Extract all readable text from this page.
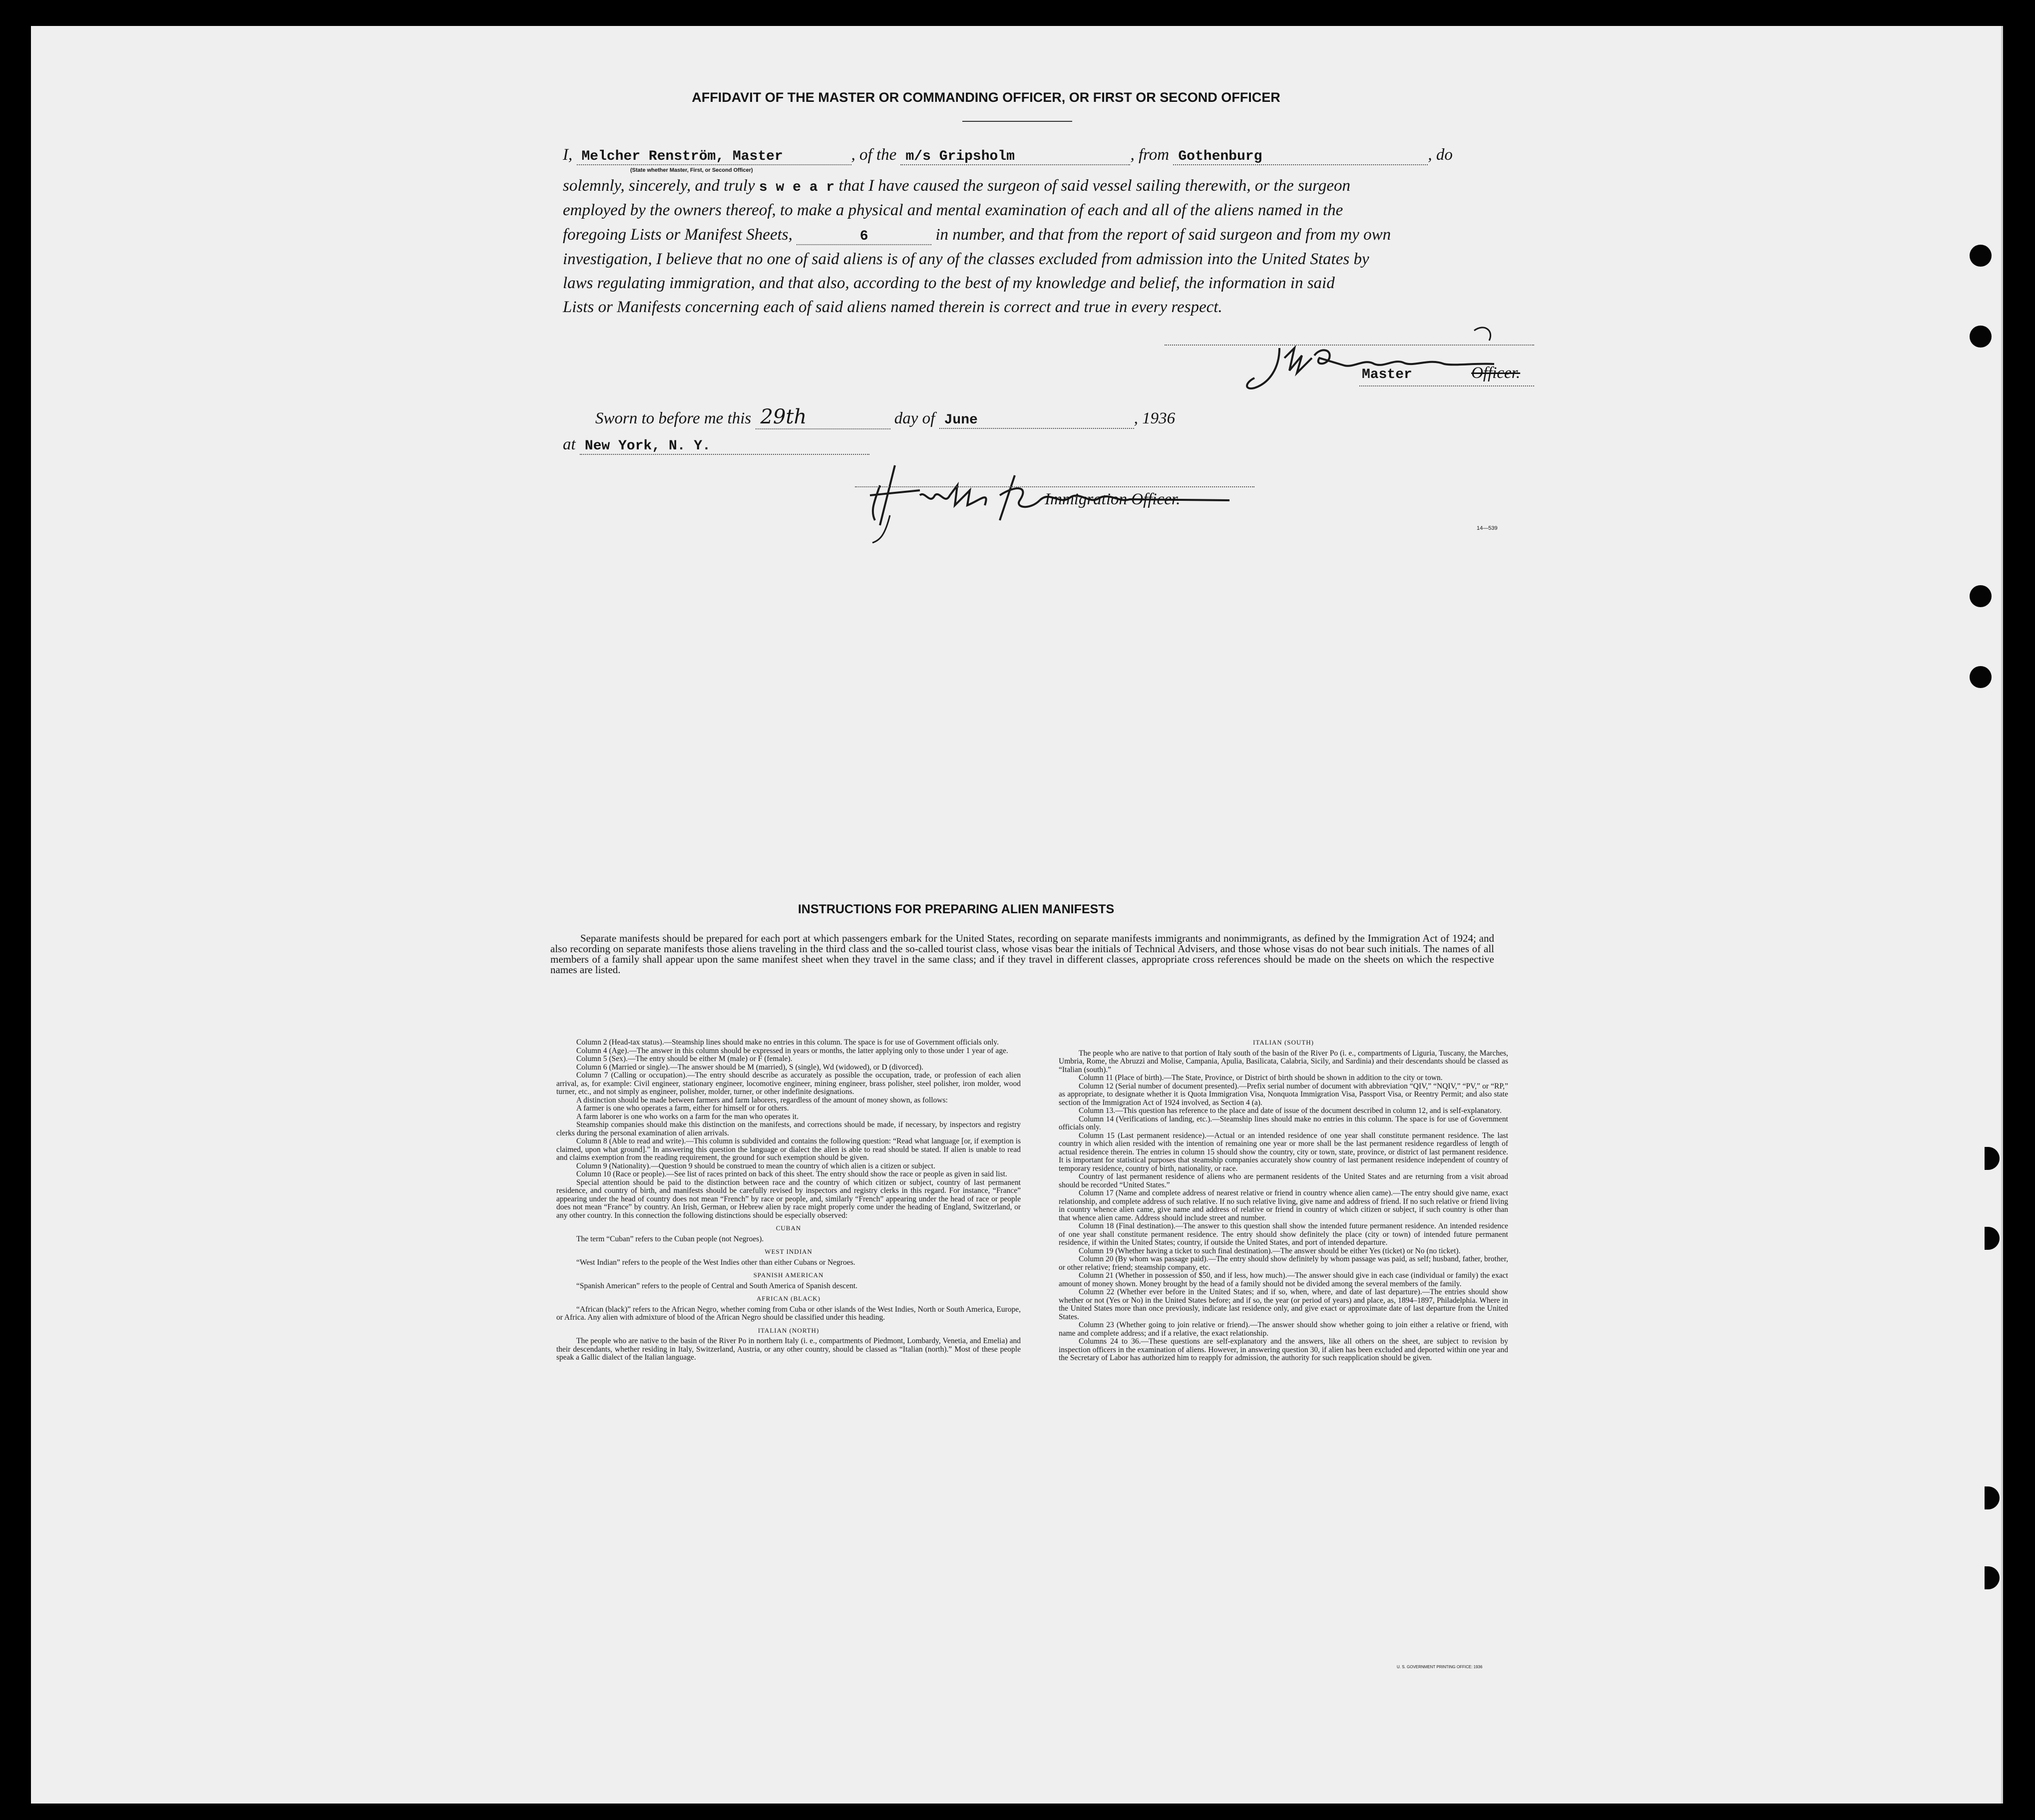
AFFIDAVIT OF THE MASTER OR COMMANDING OFFICER, OR FIRST OR SECOND OFFICER
I, Melcher Renström, Master	, of the m/s Gripsholm	, from Gothenburg	, do
(State whether Master, First, or Second Officer)
solemnly, sincerely, and truly s w e a r that I have caused the surgeon of said vessel sailing therewith, or the surgeon
employed by the owners thereof, to make a physical and mental examination of each and all of the aliens named in the
foregoing Lists or Manifest Sheets,	6	in number, and that from the report of said surgeon and from my own
investigation, I believe that no one of said aliens is of any of the classes excluded from admission into the United States by
laws regulating immigration, and that also, according to the best of my knowledge and belief, the information in said
Lists or Manifests concerning each of said aliens named therein is correct and true in every respect.
Master	Officer.
Sworn to before me this 29th	day of June	, 1936
at New York, N. Y.
Immigration Officer.
14—539
INSTRUCTIONS FOR PREPARING ALIEN MANIFESTS

Separate manifests should be prepared for each port at which passengers embark for the United States, recording on separate manifests immigrants and nonimmigrants, as defined by the Immigration Act of 1924; and also recording on separate manifests those aliens traveling in the third class and the so-called tourist class, whose visas bear the initials of Technical Advisers, and those whose visas do not bear such initials. The names of all members of a family shall appear upon the same manifest sheet when they travel in the same class; and if they travel in different classes, appropriate cross references should be made on the sheets on which the respective names are listed.

Column 2 (Head-tax status).—Steamship lines should make no entries in this column. The space is for use of Government officials only.

Column 4 (Age).—The answer in this column should be expressed in years or months, the latter applying only to those under 1 year of age.

Column 5 (Sex).—The entry should be either M (male) or F (female).

Column 6 (Married or single).—The answer should be M (married), S (single), Wd (widowed), or D (divorced).

Column 7 (Calling or occupation).—The entry should describe as accurately as possible the occupation, trade, or profession of each alien arrival, as, for example: Civil engineer, stationary engineer, locomotive engineer, mining engineer, brass polisher, steel polisher, iron molder, wood turner, etc., and not simply as engineer, polisher, molder, turner, or other indefinite designations.

A distinction should be made between farmers and farm laborers, regardless of the amount of money shown, as follows:

A farmer is one who operates a farm, either for himself or for others.

A farm laborer is one who works on a farm for the man who operates it.

Steamship companies should make this distinction on the manifests, and corrections should be made, if necessary, by inspectors and registry clerks during the personal examination of alien arrivals.

Column 8 (Able to read and write).—This column is subdivided and contains the following question: “Read what language [or, if exemption is claimed, upon what ground].” In answering this question the language or dialect the alien is able to read should be stated. If alien is unable to read and claims exemption from the reading requirement, the ground for such exemption should be given.

Column 9 (Nationality).—Question 9 should be construed to mean the country of which alien is a citizen or subject.

Column 10 (Race or people).—See list of races printed on back of this sheet. The entry should show the race or people as given in said list.

Special attention should be paid to the distinction between race and the country of which citizen or subject, country of last permanent residence, and country of birth, and manifests should be carefully revised by inspectors and registry clerks in this regard. For instance, “France” appearing under the head of country does not mean “French” by race or people, and, similarly “French” appearing under the head of race or people does not mean “France” by country. An Irish, German, or Hebrew alien by race might properly come under the heading of England, Switzerland, or any other country. In this connection the following distinctions should be especially observed:

CUBAN

The term “Cuban” refers to the Cuban people (not Negroes).

WEST INDIAN

“West Indian” refers to the people of the West Indies other than either Cubans or Negroes.

SPANISH AMERICAN

“Spanish American” refers to the people of Central and South America of Spanish descent.

AFRICAN (BLACK)

“African (black)” refers to the African Negro, whether coming from Cuba or other islands of the West Indies, North or South America, Europe, or Africa. Any alien with admixture of blood of the African Negro should be classified under this heading.

ITALIAN (NORTH)

The people who are native to the basin of the River Po in northern Italy (i. e., compartments of Piedmont, Lombardy, Venetia, and Emelia) and their descendants, whether residing in Italy, Switzerland, Austria, or any other country, should be classed as “Italian (north).” Most of these people speak a Gallic dialect of the Italian language.

ITALIAN (SOUTH)

The people who are native to that portion of Italy south of the basin of the River Po (i. e., compartments of Liguria, Tuscany, the Marches, Umbria, Rome, the Abruzzi and Molise, Campania, Apulia, Basilicata, Calabria, Sicily, and Sardinia) and their descendants should be classed as “Italian (south).”

Column 11 (Place of birth).—The State, Province, or District of birth should be shown in addition to the city or town.

Column 12 (Serial number of document presented).—Prefix serial number of document with abbreviation “QIV,” “NQIV,” “PV,” or “RP,” as appropriate, to designate whether it is Quota Immigration Visa, Nonquota Immigration Visa, Passport Visa, or Reentry Permit; and also state section of the Immigration Act of 1924 involved, as Section 4 (a).

Column 13.—This question has reference to the place and date of issue of the document described in column 12, and is self-explanatory.

Column 14 (Verifications of landing, etc.).—Steamship lines should make no entries in this column. The space is for use of Government officials only.

Column 15 (Last permanent residence).—Actual or an intended residence of one year shall constitute permanent residence. The last country in which alien resided with the intention of remaining one year or more shall be the last permanent residence regardless of length of actual residence therein. The entries in column 15 should show the country, city or town, state, province, or district of last permanent residence. It is important for statistical purposes that steamship companies accurately show country of last permanent residence independent of country of temporary residence, country of birth, nationality, or race.

Country of last permanent residence of aliens who are permanent residents of the United States and are returning from a visit abroad should be recorded “United States.”

Column 17 (Name and complete address of nearest relative or friend in country whence alien came).—The entry should give name, exact relationship, and complete address of such relative. If no such relative living, give name and address of friend. If no such relative or friend living in country whence alien came, give name and address of relative or friend in country of which citizen or subject, if such country is other than that whence alien came. Address should include street and number.

Column 18 (Final destination).—The answer to this question shall show the intended future permanent residence. An intended residence of one year shall constitute permanent residence. The entry should show definitely the place (city or town) of intended future permanent residence, if within the United States; country, if outside the United States, and port of intended departure.

Column 19 (Whether having a ticket to such final destination).—The answer should be either Yes (ticket) or No (no ticket).

Column 20 (By whom was passage paid).—The entry should show definitely by whom passage was paid, as self; husband, father, brother, or other relative; friend; steamship company, etc.

Column 21 (Whether in possession of $50, and if less, how much).—The answer should give in each case (individual or family) the exact amount of money shown. Money brought by the head of a family should not be divided among the several members of the family.

Column 22 (Whether ever before in the United States; and if so, when, where, and date of last departure).—The entries should show whether or not (Yes or No) in the United States before; and if so, the year (or period of years) and place, as, 1894–1897, Philadelphia. Where in the United States more than once previously, indicate last residence only, and give exact or approximate date of last departure from the United States.

Column 23 (Whether going to join relative or friend).—The answer should show whether going to join either a relative or friend, with name and complete address; and if a relative, the exact relationship.

Columns 24 to 36.—These questions are self-explanatory and the answers, like all others on the sheet, are subject to revision by inspection officers in the examination of aliens. However, in answering question 30, if alien has been excluded and deported within one year and the Secretary of Labor has authorized him to reapply for admission, the authority for such reapplication should be given.

U. S. GOVERNMENT PRINTING OFFICE: 1936
